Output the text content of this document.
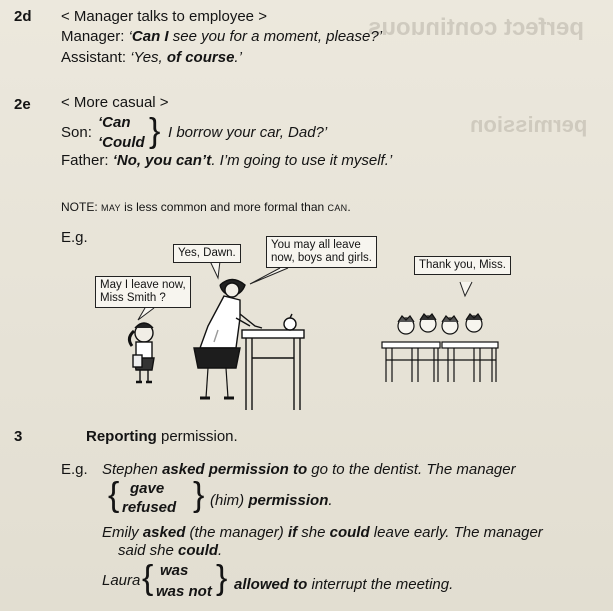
perfect continuous
permission
2d < Manager talks to employee >
Manager: ‘Can I see you for a moment, please?’
Assistant: ‘Yes, of course.’
2e < More casual >
Son:
‘Can
‘Could } I borrow your car, Dad?’
Father: ‘No, you can’t. I’m going to use it myself.’
NOTE: MAY is less common and more formal than CAN.
E.g.
May I leave now,
Miss Smith ?
Yes, Dawn.
You may all leave
now, boys and girls.
Thank you, Miss.
3	Reporting permission.
E.g. Stephen asked permission to go to the dentist. The manager
{ gave
refused } (him) permission.
Emily asked (the manager) if she could leave early. The manager
said she could.
Laura { was
was not } allowed to interrupt the meeting.
